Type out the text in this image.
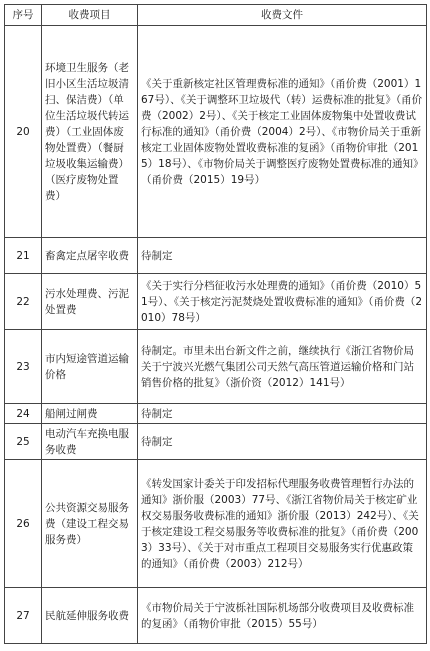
序号	收费项目	收费文件
20	环境卫生服务（老旧小区生活垃圾清扫、保洁费）（单位生活垃圾代转运费）（工业固体废物处置费）（餐厨垃圾收集运输费）（医疗废物处置费）	《关于重新核定社区管理费标准的通知》（甬价费（2001）167号）、《关于调整环卫垃圾代（转）运费标准的批复》（甬价费（2002）2号）、《关于核定工业固体废物集中处置收费试行标准的通知》（甬价费（2004）2号）、《市物价局关于重新核定工业固体废物处置收费标准的复函》（甬物价审批（2015）18号）、《市物价局关于调整医疗废物处置费标准的通知》（甬价费（2015）19号）
21	畜禽定点屠宰收费	待制定
22	污水处理费、污泥处置费	《关于实行分档征收污水处理费的通知》（甬价费（2010）51号）、《关于核定污泥焚烧处置收费标准的通知》（甬价费（2010）78号）
23	市内短途管道运输价格	待制定。市里未出台新文件之前，继续执行《浙江省物价局关于宁波兴光燃气集团公司天然气高压管道运输价格和门站销售价格的批复》（浙价资（2012）141号）
24	船闸过闸费	待制定
25	电动汽车充换电服务收费	待制定
26	公共资源交易服务费（建设工程交易服务费）	《转发国家计委关于印发招标代理服务收费管理暂行办法的通知》浙价服（2003）77号、《浙江省物价局关于核定矿业权交易服务收费标准的通知》浙价服（2013）242号）、《关于核定建设工程交易服务等收费标准的批复》（甬价费（2003）33号）、《关于对市重点工程项目交易服务实行优惠政策的通知》（甬价费（2003）212号）
27	民航延伸服务收费	《市物价局关于宁波栎社国际机场部分收费项目及收费标准的复函》（甬物价审批（2015）55号）
